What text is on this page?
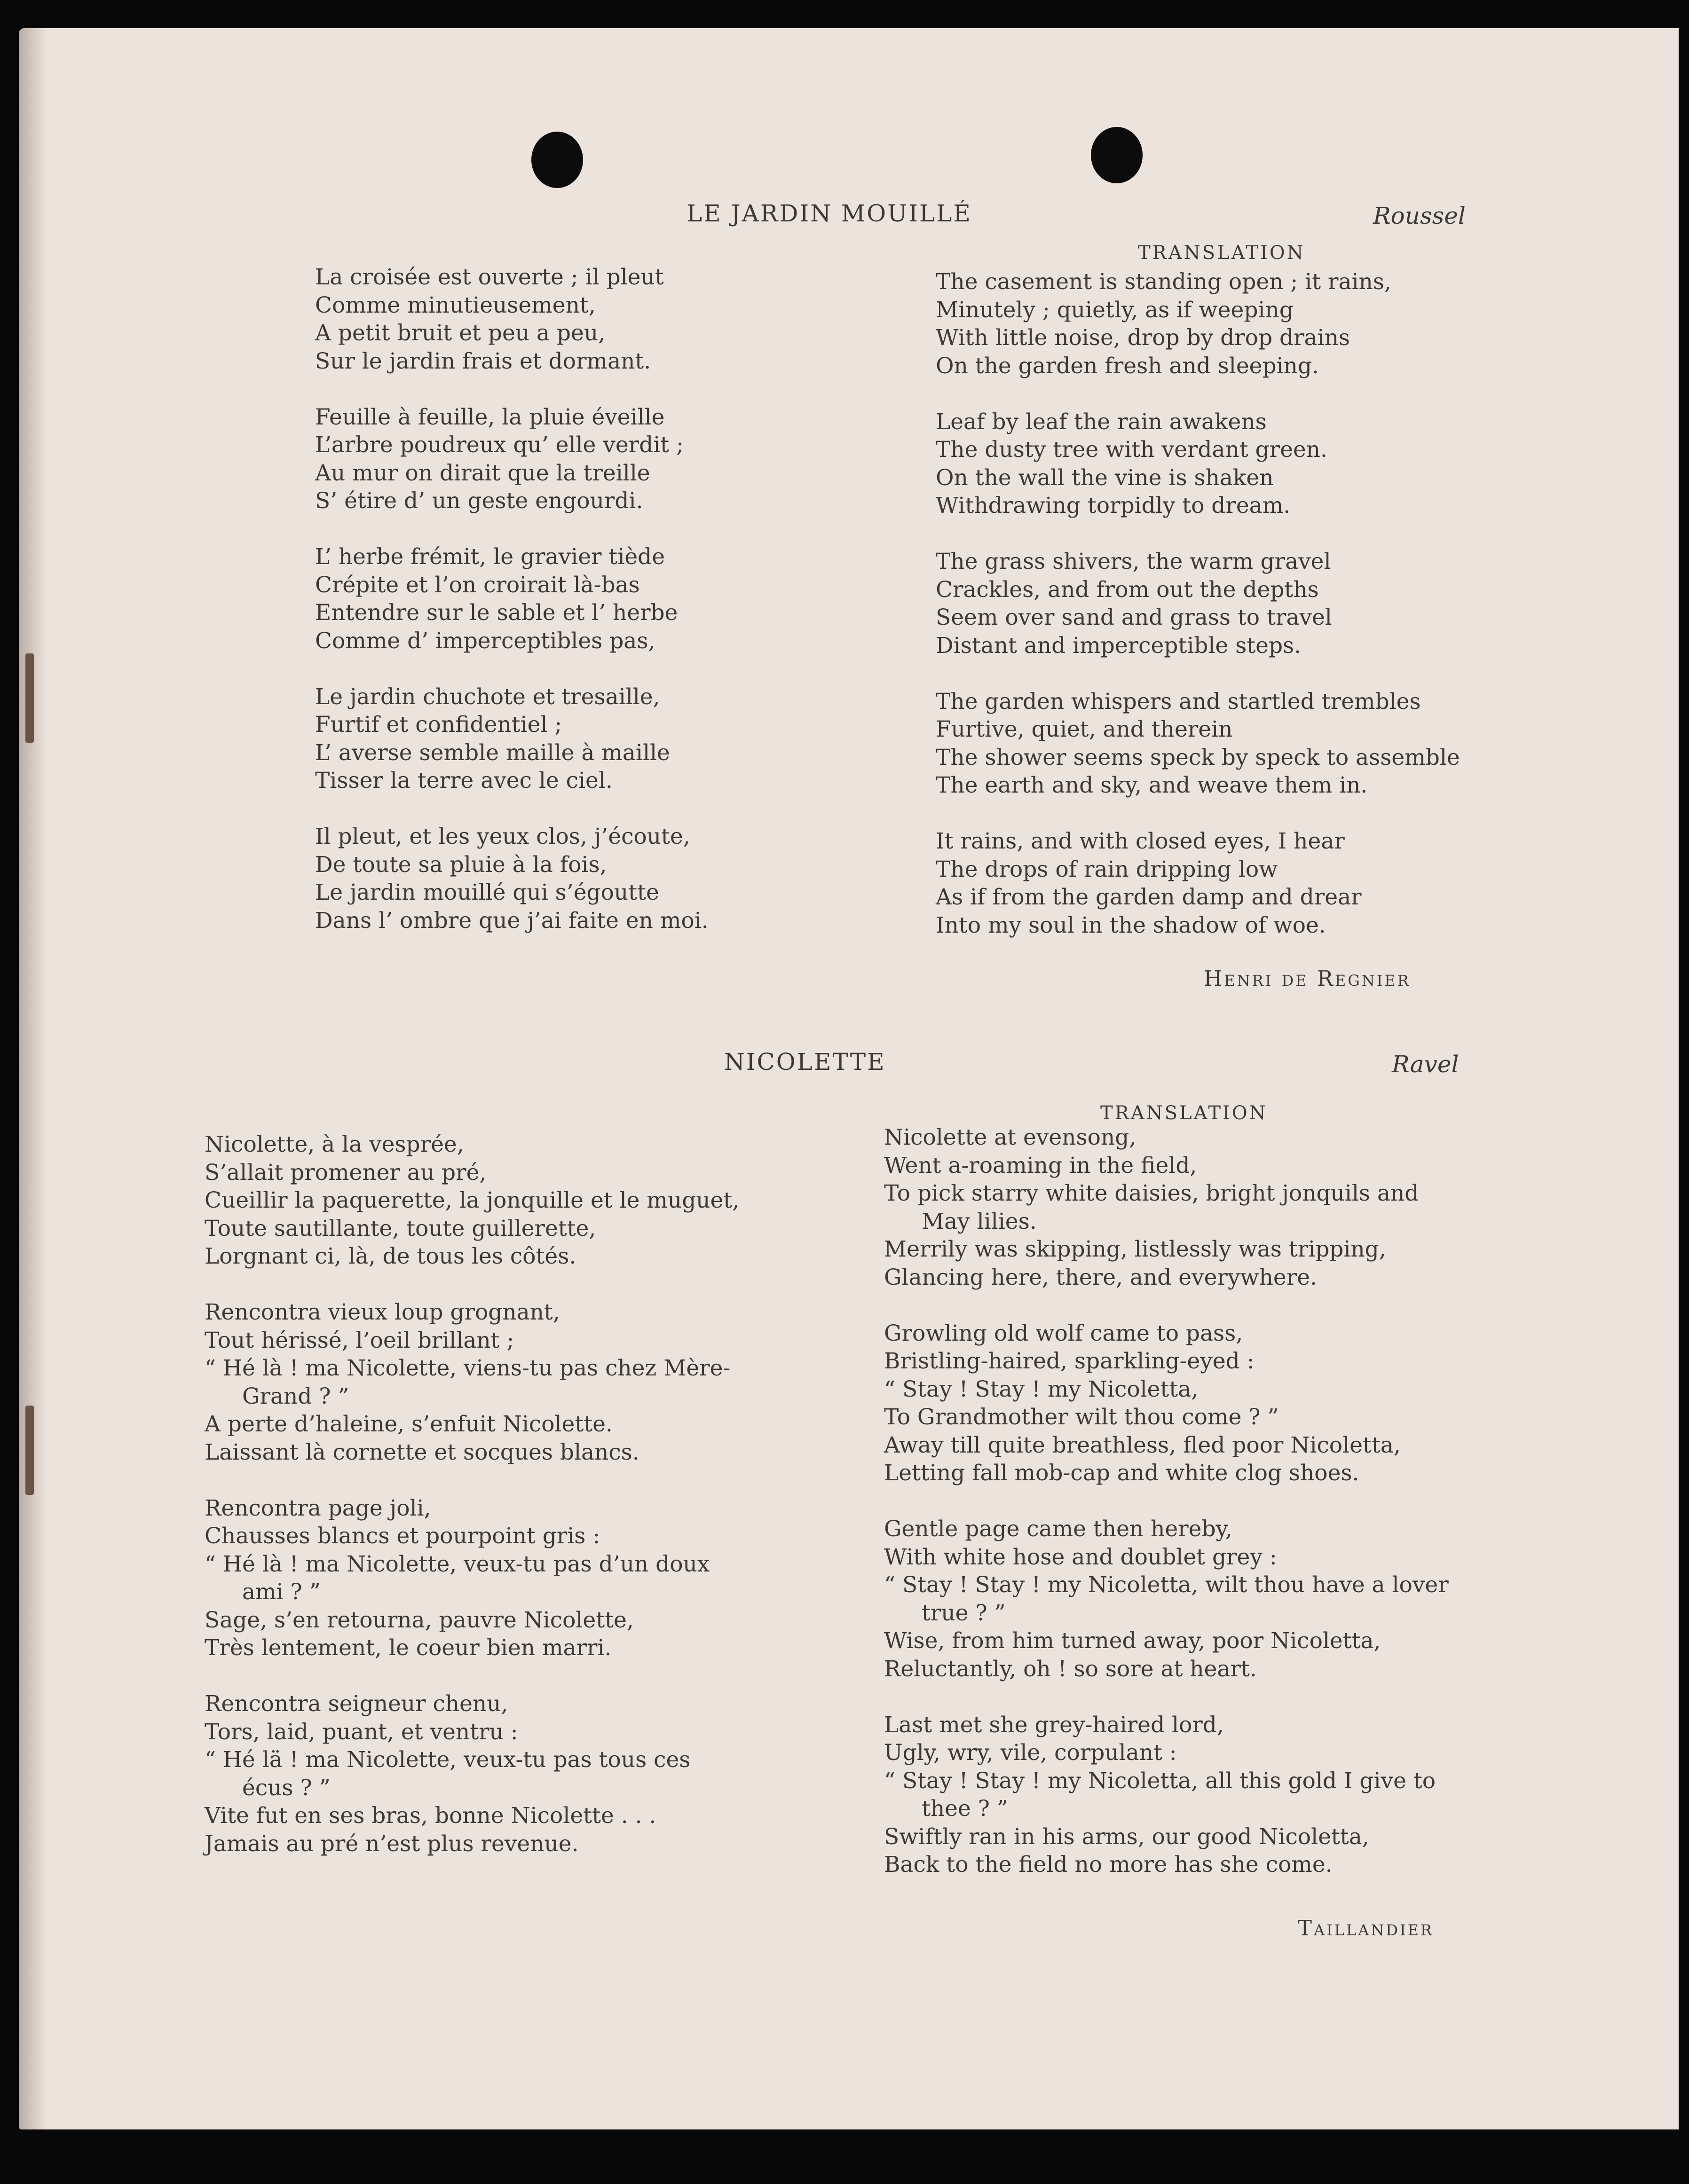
LE JARDIN MOUILLÉ	Roussel
TRANSLATION
La croisée est ouverte ; il pleut
Comme minutieusement,
A petit bruit et peu a peu,
Sur le jardin frais et dormant.
Feuille à feuille, la pluie éveille
L’arbre poudreux qu’ elle verdit ;
Au mur on dirait que la treille
S’ étire d’ un geste engourdi.
L’ herbe frémit, le gravier tiède
Crépite et l’on croirait là-bas
Entendre sur le sable et l’ herbe
Comme d’ imperceptibles pas,
Le jardin chuchote et tresaille,
Furtif et confidentiel ;
L’ averse semble maille à maille
Tisser la terre avec le ciel.
Il pleut, et les yeux clos, j’écoute,
De toute sa pluie à la fois,
Le jardin mouillé qui s’égoutte
Dans l’ ombre que j’ai faite en moi.
The casement is standing open ; it rains,
Minutely ; quietly, as if weeping
With little noise, drop by drop drains
On the garden fresh and sleeping.
Leaf by leaf the rain awakens
The dusty tree with verdant green.
On the wall the vine is shaken
Withdrawing torpidly to dream.
The grass shivers, the warm gravel
Crackles, and from out the depths
Seem over sand and grass to travel
Distant and imperceptible steps.
The garden whispers and startled trembles
Furtive, quiet, and therein
The shower seems speck by speck to assemble
The earth and sky, and weave them in.
It rains, and with closed eyes, I hear
The drops of rain dripping low
As if from the garden damp and drear
Into my soul in the shadow of woe.
Henri de Regnier
NICOLETTE	Ravel
TRANSLATION
Nicolette, à la vesprée,
S’allait promener au pré,
Cueillir la paquerette, la jonquille et le muguet,
Toute sautillante, toute guillerette,
Lorgnant ci, là, de tous les côtés.
Rencontra vieux loup grognant,
Tout hérissé, l’oeil brillant ;
“ Hé là ! ma Nicolette, viens-tu pas chez Mère-
Grand ? ”
A perte d’haleine, s’enfuit Nicolette.
Laissant là cornette et socques blancs.
Rencontra page joli,
Chausses blancs et pourpoint gris :
“ Hé là ! ma Nicolette, veux-tu pas d’un doux
ami ? ”
Sage, s’en retourna, pauvre Nicolette,
Très lentement, le coeur bien marri.
Rencontra seigneur chenu,
Tors, laid, puant, et ventru :
“ Hé lä ! ma Nicolette, veux-tu pas tous ces
écus ? ”
Vite fut en ses bras, bonne Nicolette . . .
Jamais au pré n’est plus revenue.
Nicolette at evensong,
Went a-roaming in the field,
To pick starry white daisies, bright jonquils and
May lilies.
Merrily was skipping, listlessly was tripping,
Glancing here, there, and everywhere.
Growling old wolf came to pass,
Bristling-haired, sparkling-eyed :
“ Stay ! Stay ! my Nicoletta,
To Grandmother wilt thou come ? ”
Away till quite breathless, fled poor Nicoletta,
Letting fall mob-cap and white clog shoes.
Gentle page came then hereby,
With white hose and doublet grey :
“ Stay ! Stay ! my Nicoletta, wilt thou have a lover
true ? ”
Wise, from him turned away, poor Nicoletta,
Reluctantly, oh ! so sore at heart.
Last met she grey-haired lord,
Ugly, wry, vile, corpulant :
“ Stay ! Stay ! my Nicoletta, all this gold I give to
thee ? ”
Swiftly ran in his arms, our good Nicoletta,
Back to the field no more has she come.
Taillandier
